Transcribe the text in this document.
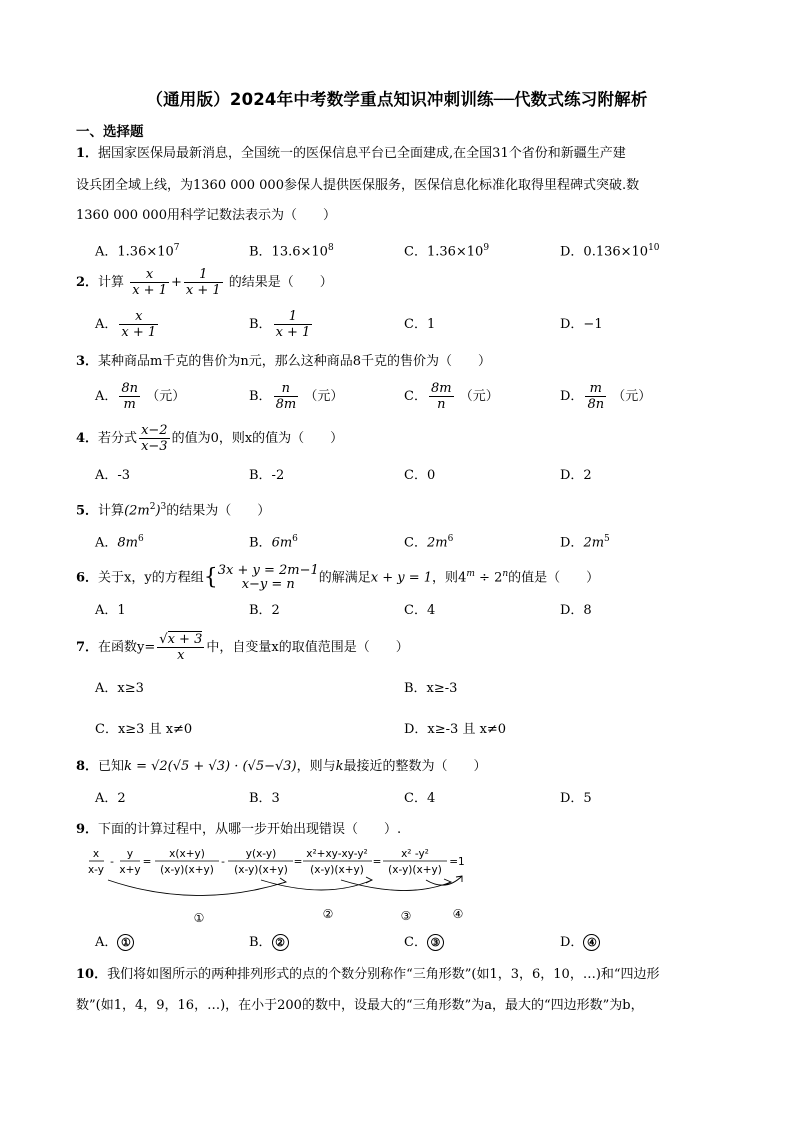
（通用版）2024年中考数学重点知识冲刺训练──代数式练习附解析
一、选择题
1．据国家医保局最新消息，全国统一的医保信息平台已全面建成,在全国31个省份和新疆生产建
设兵团全域上线，为1360 000 000参保人提供医保服务，医保信息化标准化取得里程碑式突破.数
1360 000 000用科学记数法表示为（　　）
A．$1.36\times 10^7$	B．$13.6\times 10^8$	C．$1.36\times 10^9$	D．$0.136\times 10^{10}$
2．计算 $\frac{x}{x + 1} + \frac{1}{x + 1}$ 的结果是（　　）
A． $\frac{x}{x + 1}$	B． $\frac{1}{x + 1}$	C．1	D．−1
3．某种商品m千克的售价为n元，那么这种商品8千克的售价为（　　）
A． $\frac{8n}{m}$ （元）	B． $\frac{n}{8m}$ （元）	C． $\frac{8m}{n}$ （元）	D． $\frac{m}{8n}$ （元）
4．若分式 $\frac{x-2}{x-3}$ 的值为0，则x的值为（　　）
A．-3	B．-2	C．0	D．2
5．计算$(2m^2)^3$的结果为（　　）
A．$8m^6$	B．$6m^6$	C．$2m^6$	D．$2m^5$
6．关于x，y的方程组{ 3x + y = 2m−1
x−y = n	的解满足x + y = 1，则$4^m \div 2^n$的值是（　　）
A．1	B．2	C．4	D．8
7．在函数$y= \frac{√x + 3}{x}$ 中，自变量x的取值范围是（　　）
A．x≥3	B．x≥-3
C．x≥3 且 x≠0	D．x≥-3 且 x≠0
8．已知k = √2(√5 + √3) · (√5−√3)，则与k最接近的整数为（　　）
A．2	B．3	C．4	D．5
9．下面的计算过程中，从哪一步开始出现错误（　　）.
x
x-y
-
y
x+y
=
x(x+y)
(x-y)(x+y)
-
y(x-y)
(x-y)(x+y)
=
x²+xy-xy-y²
(x-y)(x+y)
=
x² -y²
(x-y)(x+y)
=1
①	②	③	④
A． ①	B． ②	C． ③	D． ④
10．我们将如图所示的两种排列形式的点的个数分别称作“三角形数”(如1，3，6，10，…)和“四边形
数”(如1，4，9，16，…)，在小于200的数中，设最大的“三角形数”为a，最大的“四边形数”为b，
